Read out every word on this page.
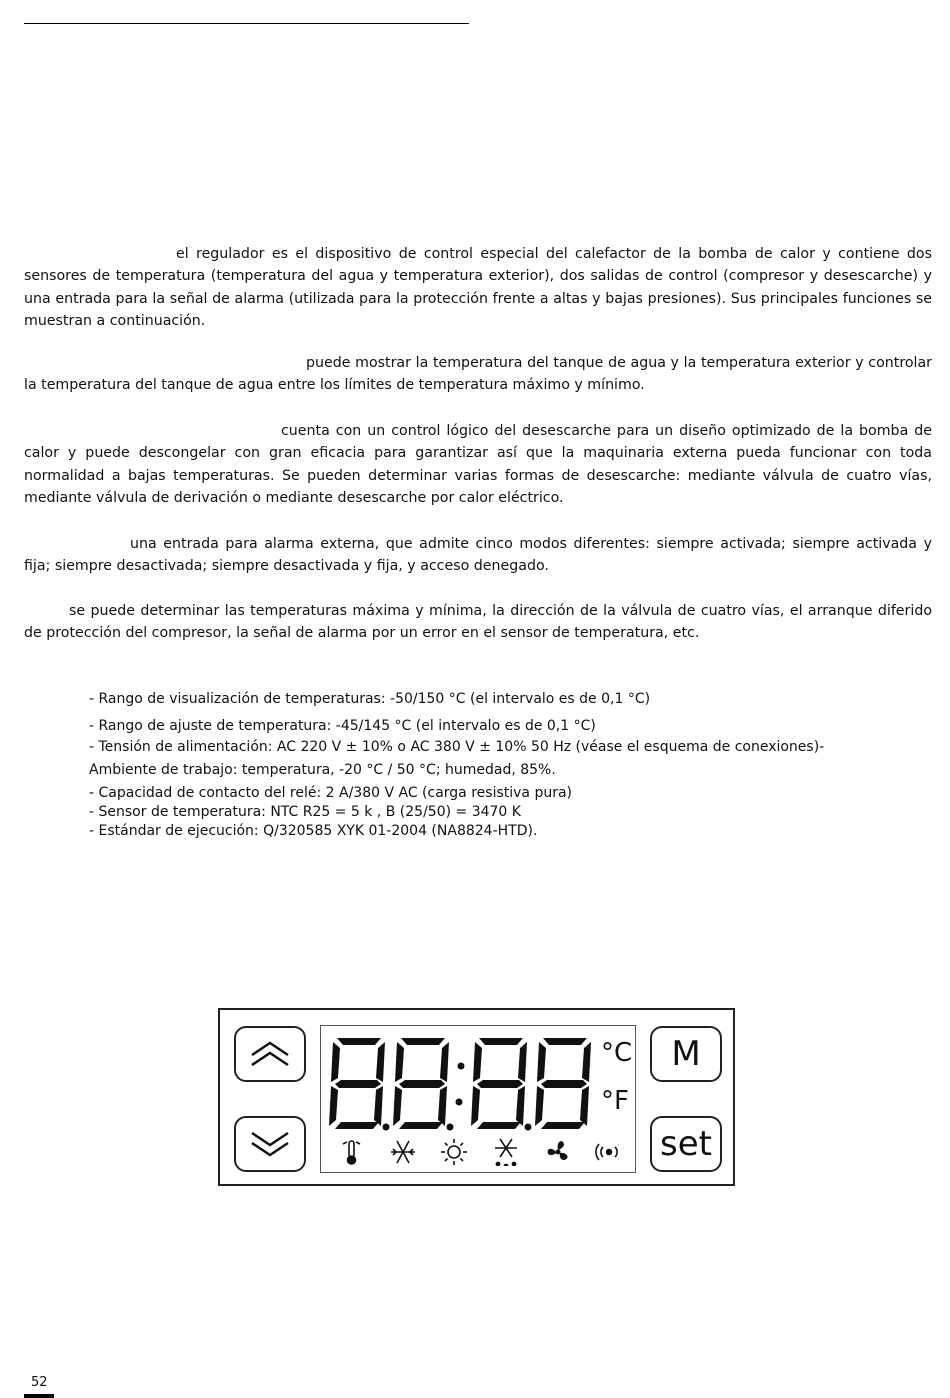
el regulador es el dispositivo de control especial del calefactor de la bomba de calor y contiene dos sensores de temperatura (temperatura del agua y temperatura exterior), dos salidas de control (compresor y desescarche) y una entrada para la señal de alarma (utilizada para la protección frente a altas y bajas presiones). Sus principales funciones se muestran a continuación.
puede mostrar la temperatura del tanque de agua y la temperatura exterior y controlar la temperatura del tanque de agua entre los límites de temperatura máximo y mínimo.
cuenta con un control lógico del desescarche para un diseño optimizado de la bomba de calor y puede descongelar con gran eficacia para garantizar así que la maquinaria externa pueda funcionar con toda normalidad a bajas temperaturas. Se pueden determinar varias formas de desescarche: mediante válvula de cuatro vías, mediante válvula de derivación o mediante desescarche por calor eléctrico.
una entrada para alarma externa, que admite cinco modos diferentes: siempre activada; siempre activada y fija; siempre desactivada; siempre desactivada y fija, y acceso denegado.
se puede determinar las temperaturas máxima y mínima, la dirección de la válvula de cuatro vías, el arranque diferido de protección del compresor, la señal de alarma por un error en el sensor de temperatura, etc.
- Rango de visualización de temperaturas: -50/150 °C (el intervalo es de 0,1 °C)
- Rango de ajuste de temperatura: -45/145 °C (el intervalo es de 0,1 °C)
- Tensión de alimentación: AC 220 V ± 10% o AC 380 V ± 10% 50 Hz (véase el esquema de conexiones)-
Ambiente de trabajo: temperatura, -20 °C / 50 °C; humedad, 85%.
- Capacidad de contacto del relé: 2 A/380 V AC (carga resistiva pura)
- Sensor de temperatura: NTC R25 = 5 k , B (25/50) = 3470 K
- Estándar de ejecución: Q/320585 XYK 01-2004 (NA8824-HTD).
°C
°F
M
set
52
